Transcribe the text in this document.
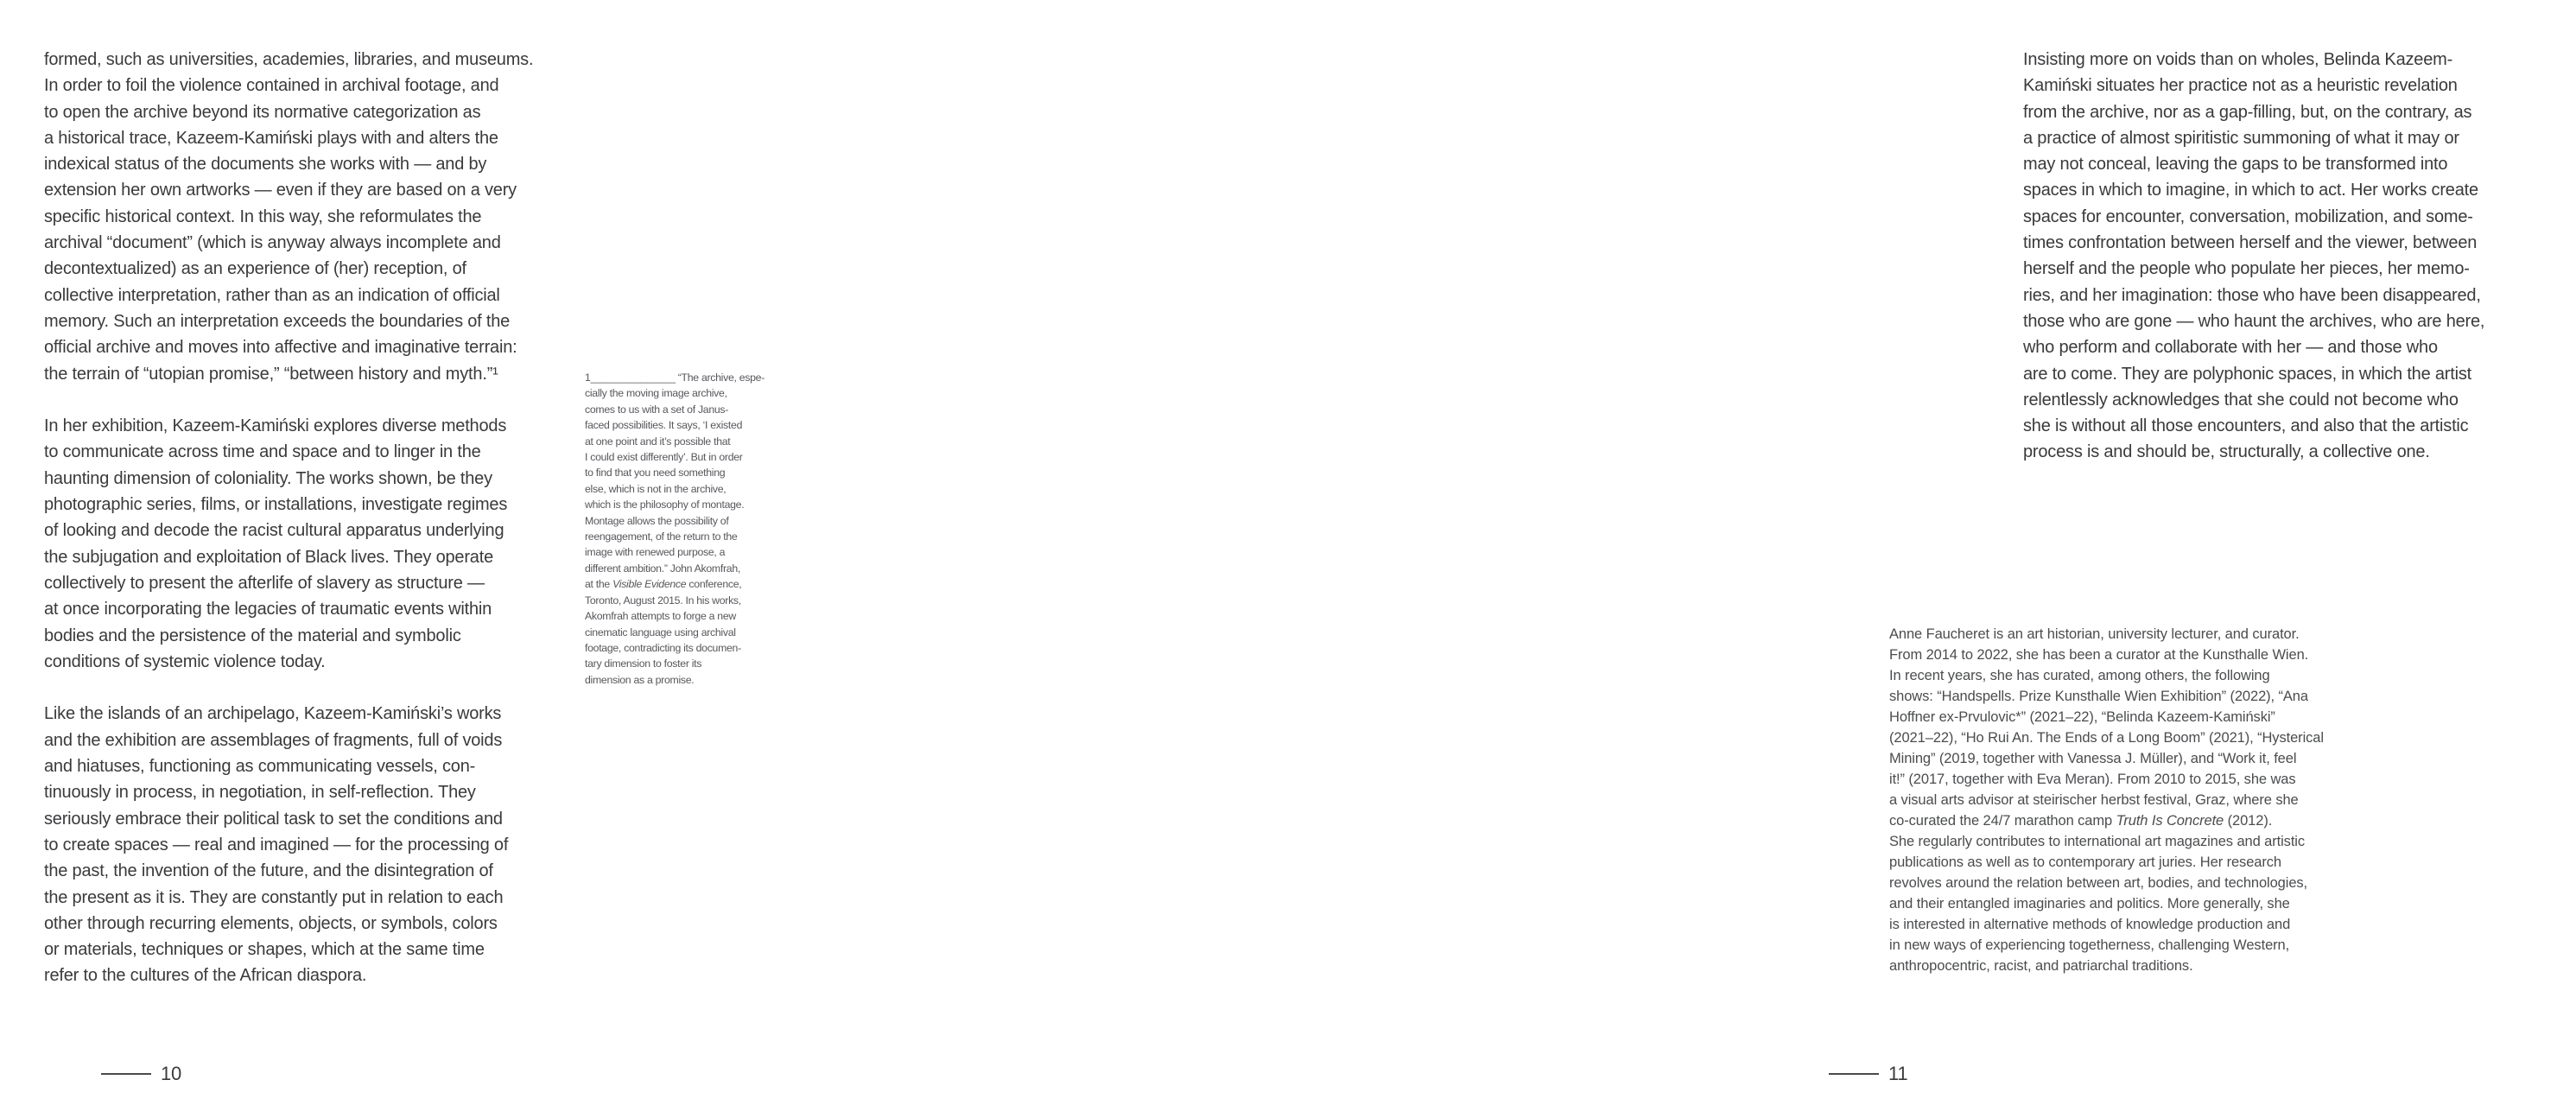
formed, such as universities, academies, libraries, and museums.
In order to foil the violence contained in archival footage, and
to open the archive beyond its normative categorization as
a historical trace, Kazeem-Kamiński plays with and alters the
indexical status of the documents she works with — and by
extension her own artworks — even if they are based on a very
specific historical context. In this way, she reformulates the
archival “document” (which is anyway always incomplete and
decontextualized) as an experience of (her) reception, of
collective interpretation, rather than as an indication of official
memory. Such an interpretation exceeds the boundaries of the
official archive and moves into affective and imaginative terrain:
the terrain of “utopian promise,” “between history and myth.”¹
In her exhibition, Kazeem-Kamiński explores diverse methods
to communicate across time and space and to linger in the
haunting dimension of coloniality. The works shown, be they
photographic series, films, or installations, investigate regimes
of looking and decode the racist cultural apparatus underlying
the subjugation and exploitation of Black lives. They operate
collectively to present the afterlife of slavery as structure —
at once incorporating the legacies of traumatic events within
bodies and the persistence of the material and symbolic
conditions of systemic violence today.
Like the islands of an archipelago, Kazeem-Kamiński’s works
and the exhibition are assemblages of fragments, full of voids
and hiatuses, functioning as communicating vessels, con-
tinuously in process, in negotiation, in self-reflection. They
seriously embrace their political task to set the conditions and
to create spaces — real and imagined — for the processing of
the past, the invention of the future, and the disintegration of
the present as it is. They are constantly put in relation to each
other through recurring elements, objects, or symbols, colors
or materials, techniques or shapes, which at the same time
refer to the cultures of the African diaspora.
1_______________ “The archive, espe-
cially the moving image archive,
comes to us with a set of Janus-
faced possibilities. It says, ‘I existed
at one point and it’s possible that
I could exist differently’. But in order
to find that you need something
else, which is not in the archive,
which is the philosophy of montage.
Montage allows the possibility of
reengagement, of the return to the
image with renewed purpose, a
different ambition.” John Akomfrah,
at the Visible Evidence conference,
Toronto, August 2015. In his works,
Akomfrah attempts to forge a new
cinematic language using archival
footage, contradicting its documen-
tary dimension to foster its
dimension as a promise.
10
Insisting more on voids than on wholes, Belinda Kazeem-
Kamiński situates her practice not as a heuristic revelation
from the archive, nor as a gap-filling, but, on the contrary, as
a practice of almost spiritistic summoning of what it may or
may not conceal, leaving the gaps to be transformed into
spaces in which to imagine, in which to act. Her works create
spaces for encounter, conversation, mobilization, and some-
times confrontation between herself and the viewer, between
herself and the people who populate her pieces, her memo-
ries, and her imagination: those who have been disappeared,
those who are gone — who haunt the archives, who are here,
who perform and collaborate with her — and those who
are to come. They are polyphonic spaces, in which the artist
relentlessly acknowledges that she could not become who
she is without all those encounters, and also that the artistic
process is and should be, structurally, a collective one.
Anne Faucheret is an art historian, university lecturer, and curator.
From 2014 to 2022, she has been a curator at the Kunsthalle Wien.
In recent years, she has curated, among others, the following
shows: “Handspells. Prize Kunsthalle Wien Exhibition” (2022), “Ana
Hoffner ex-Prvulovic*” (2021–22), “Belinda Kazeem-Kamiński”
(2021–22), “Ho Rui An. The Ends of a Long Boom” (2021), “Hysterical
Mining” (2019, together with Vanessa J. Müller), and “Work it, feel
it!” (2017, together with Eva Meran). From 2010 to 2015, she was
a visual arts advisor at steirischer herbst festival, Graz, where she
co-curated the 24/7 marathon camp Truth Is Concrete (2012).
She regularly contributes to international art magazines and artistic
publications as well as to contemporary art juries. Her research
revolves around the relation between art, bodies, and technologies,
and their entangled imaginaries and politics. More generally, she
is interested in alternative methods of knowledge production and
in new ways of experiencing togetherness, challenging Western,
anthropocentric, racist, and patriarchal traditions.
11
